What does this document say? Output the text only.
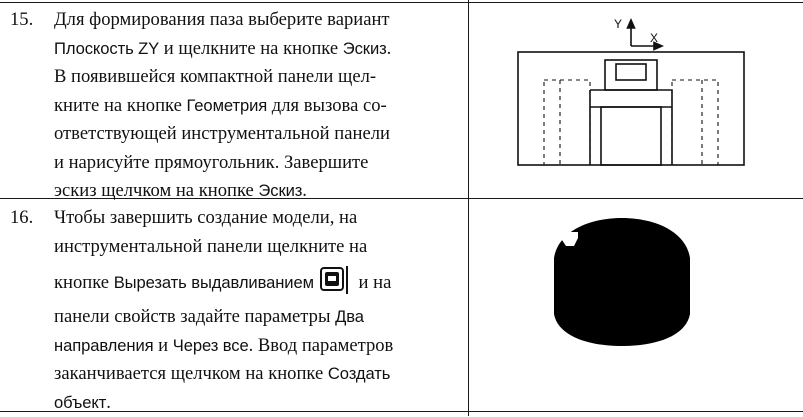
15.	Для формирования паза выберите вариант

Плоскость ZY и щелкните на кнопке Эскиз.

В появившейся компактной панели щел-

кните на кнопке Геометрия для вызова со-

ответствующей инструментальной панели

и нарисуйте прямоугольник. Завершите

эскиз щелчком на кнопке Эскиз.

16.	Чтобы завершить создание модели, на

инструментальной панели щелкните на

кнопке Вырезать выдавливанием и на

панели свойств задайте параметры Два

направления и Через все. Ввод параметров

заканчивается щелчком на кнопке Создать

объект.

Y
X
